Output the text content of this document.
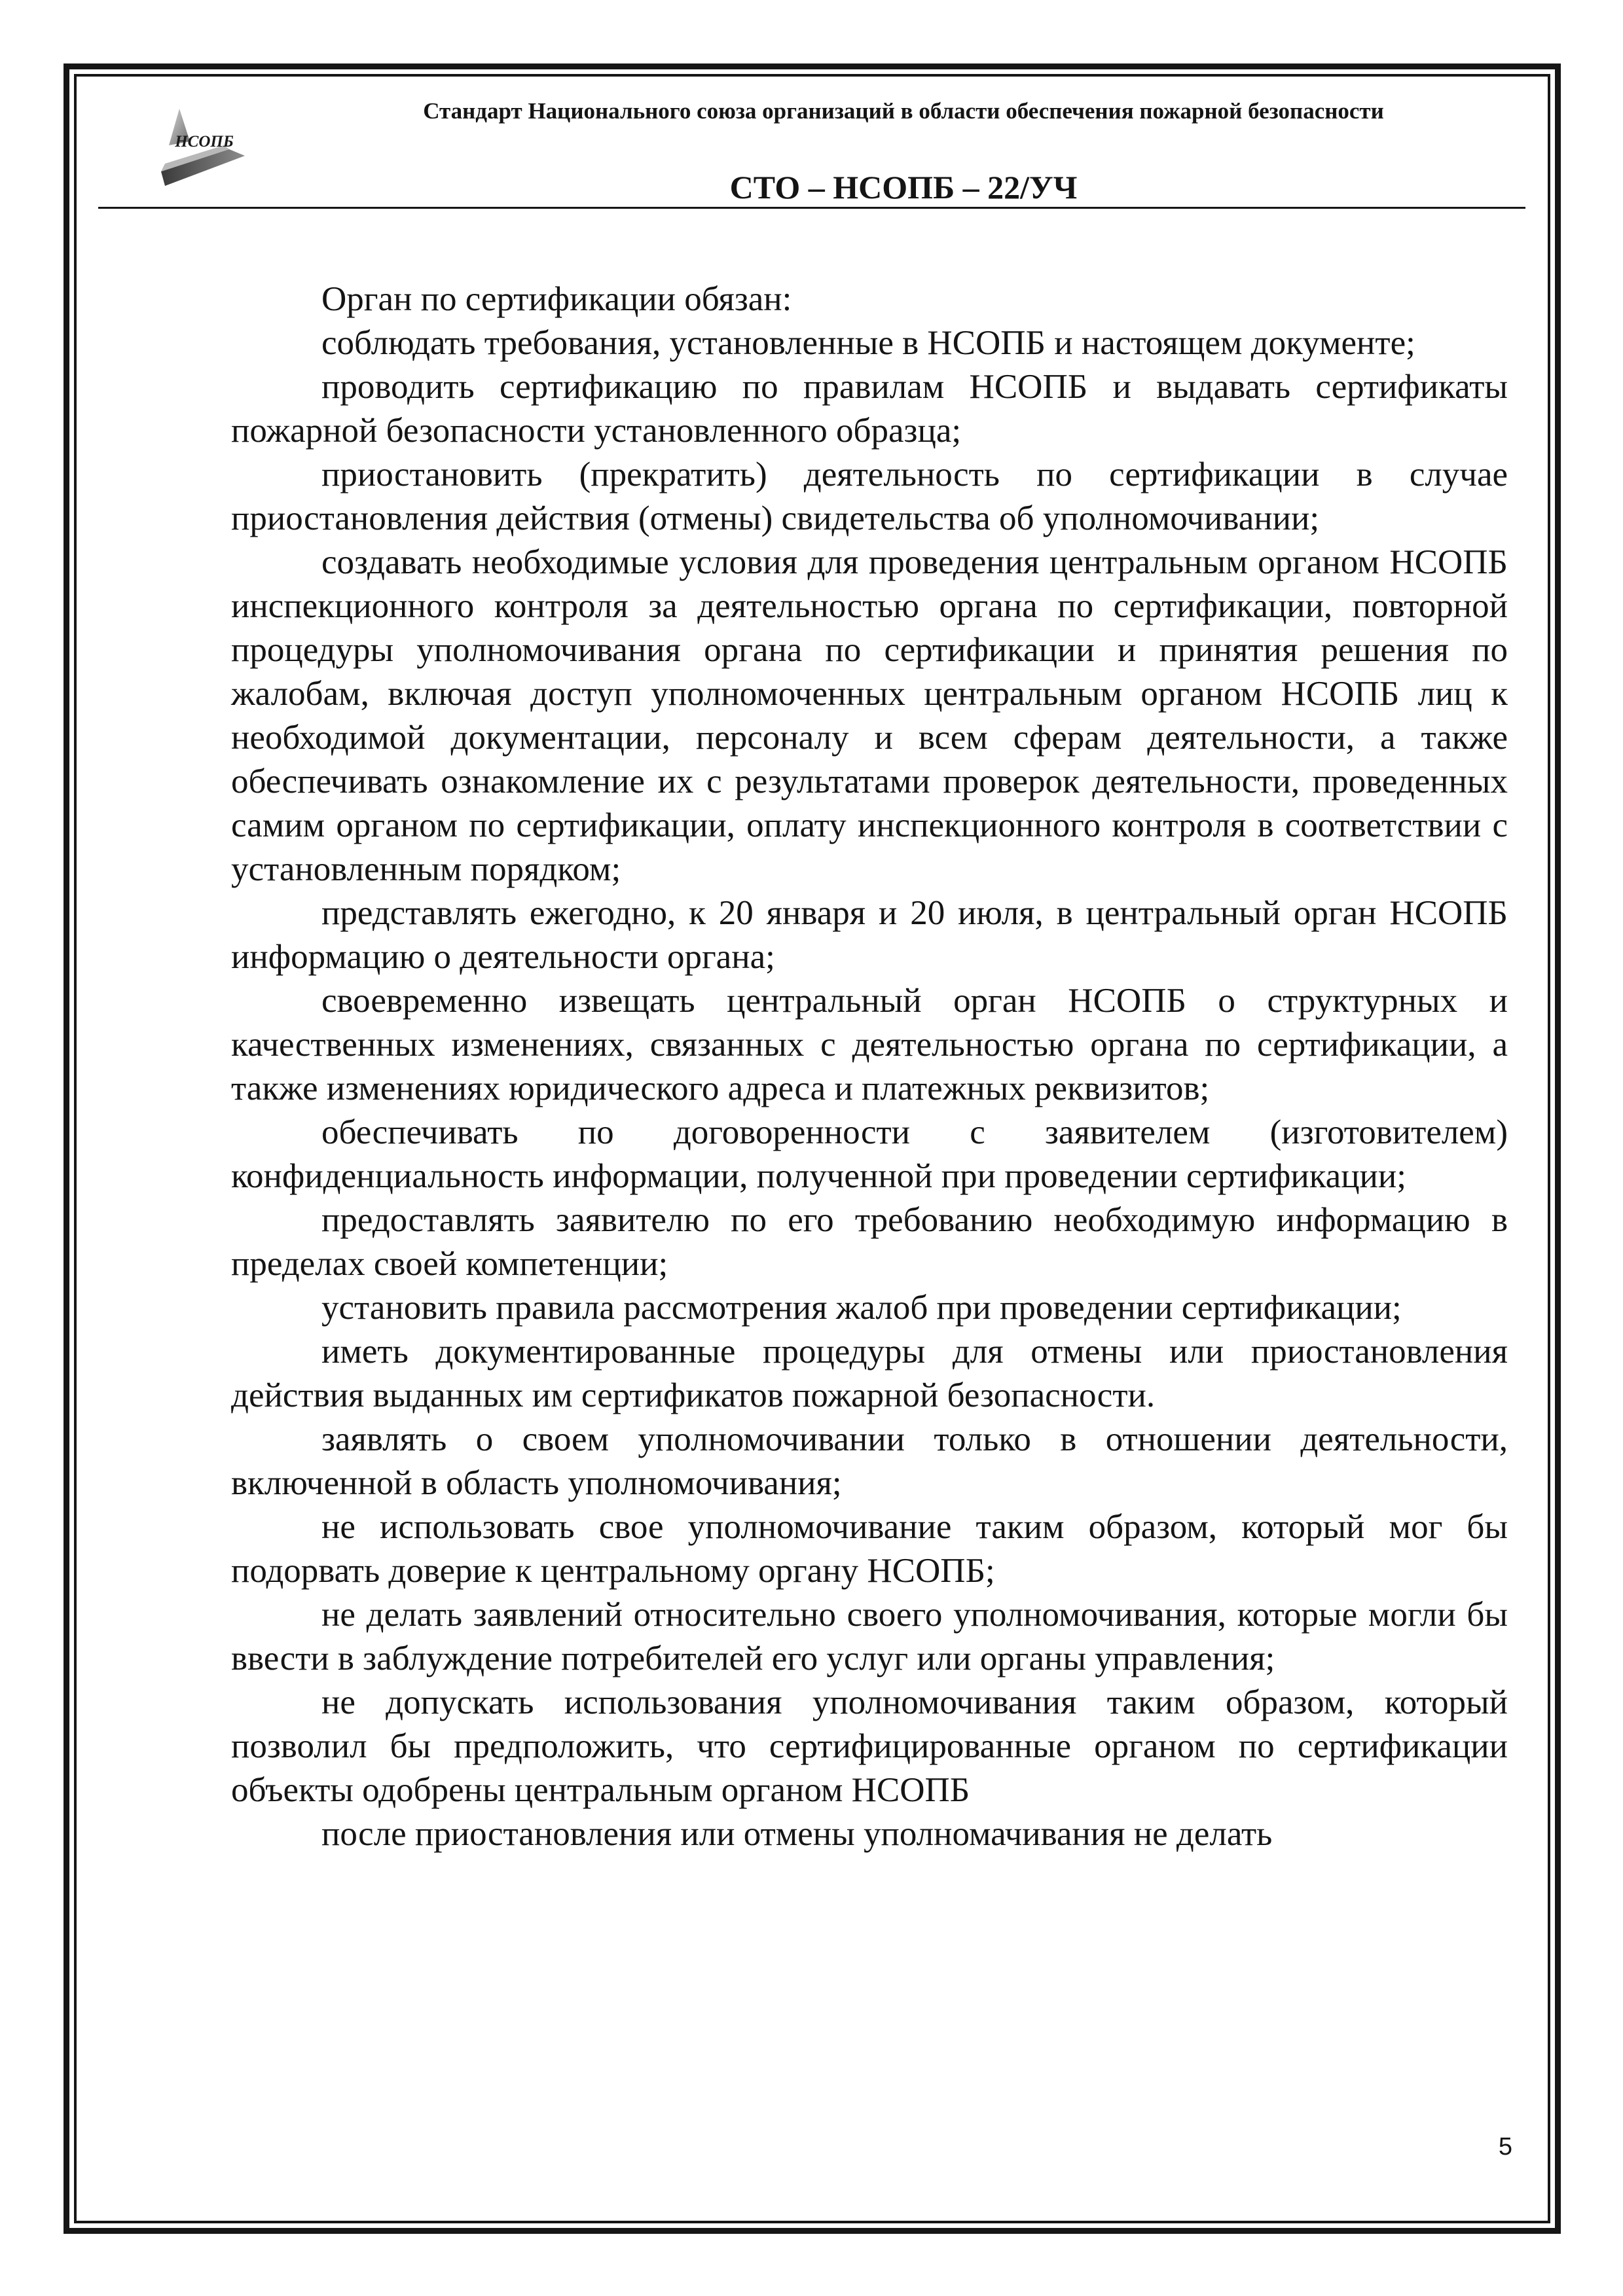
НСОПБ
Стандарт Национального союза организаций в области обеспечения пожарной безопасности
СТО – НСОПБ – 22/УЧ

Орган по сертификации обязан:

соблюдать требования, установленные в НСОПБ и настоящем документе;

проводить сертификацию по правилам НСОПБ и выдавать сертификаты пожарной безопасности установленного образца;

приостановить (прекратить) деятельность по сертификации в случае приостановления действия (отмены) свидетельства об уполномочивании;

создавать необходимые условия для проведения центральным органом НСОПБ инспекционного контроля за деятельностью органа по сертификации, повторной процедуры уполномочивания органа по сертификации и принятия решения по жалобам, включая доступ уполномоченных центральным органом НСОПБ лиц к необходимой документации, персоналу и всем сферам деятельности, а также обеспечивать ознакомление их с результатами проверок деятельности, проведенных самим органом по сертификации, оплату инспекционного контроля в соответствии с установленным порядком;

представлять ежегодно, к 20 января и 20 июля, в центральный орган НСОПБ информацию о деятельности органа;

своевременно извещать центральный орган НСОПБ о структурных и качественных изменениях, связанных с деятельностью органа по сертификации, а также изменениях юридического адреса и платежных реквизитов;

обеспечивать по договоренности с заявителем (изготовителем) конфиденциальность информации, полученной при проведении сертификации;

предоставлять заявителю по его требованию необходимую информацию в пределах своей компетенции;

установить правила рассмотрения жалоб при проведении сертификации;

иметь документированные процедуры для отмены или приостановления действия выданных им сертификатов пожарной безопасности.

заявлять о своем уполномочивании только в отношении деятельности, включенной в область уполномочивания;

не использовать свое уполномочивание таким образом, который мог бы подорвать доверие к центральному органу НСОПБ;

не делать заявлений относительно своего уполномочивания, которые могли бы ввести в заблуждение потребителей его услуг или органы управления;

не допускать использования уполномочивания таким образом, который позволил бы предположить, что сертифицированные органом по сертификации объекты одобрены центральным органом НСОПБ

после приостановления или отмены уполномачивания не делать

5
